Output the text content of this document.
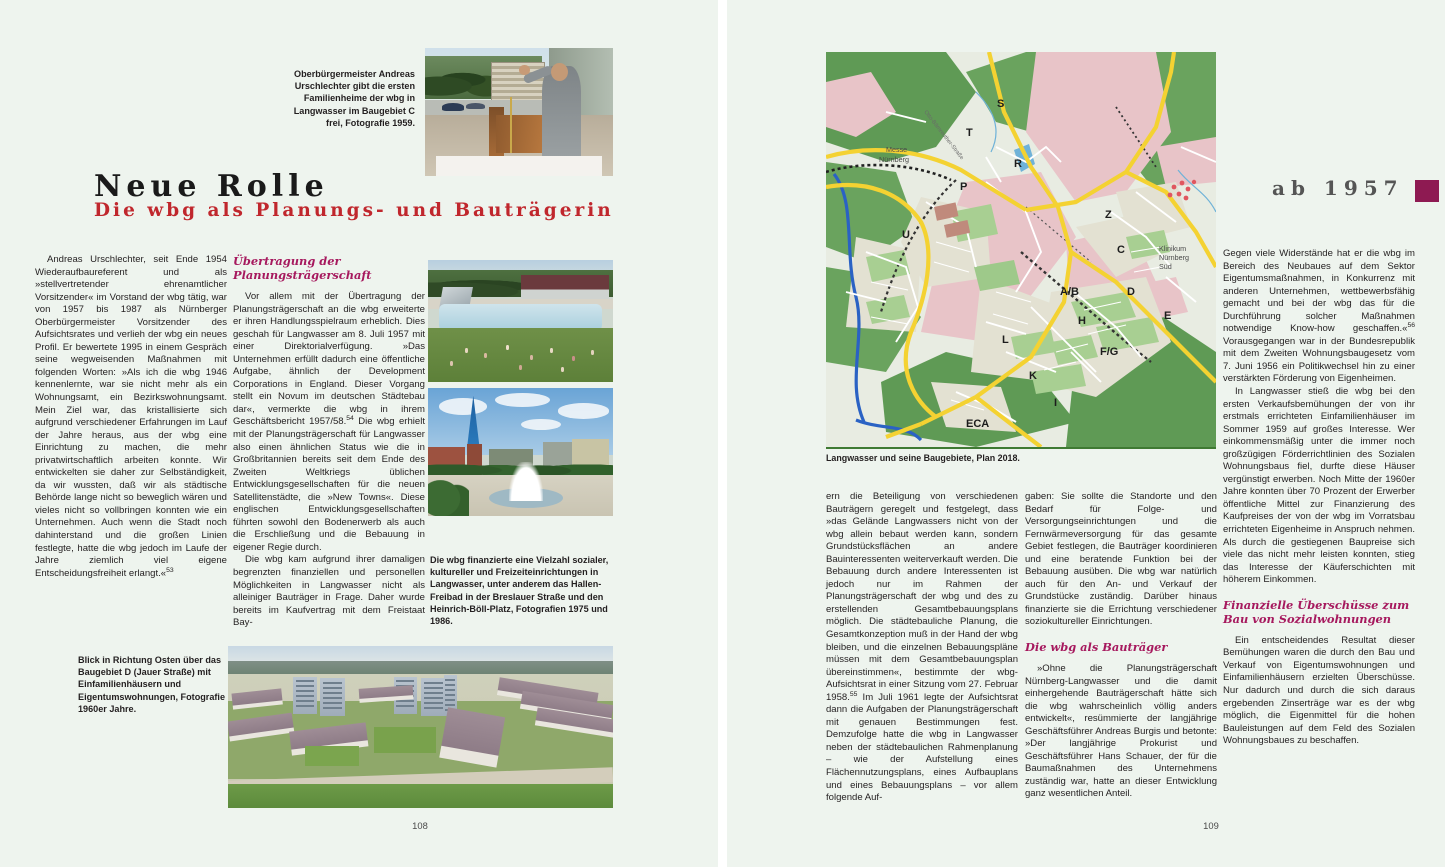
Oberbürgermeister Andreas Urschlechter gibt die ersten Familienheime der wbg in Langwasser im Baugebiet C frei, Fotografie 1959.
Neue Rolle
Die wbg als Planungs- und Bauträgerin

Andreas Urschlechter, seit Ende 1954 Wiederaufbaureferent und als »stellvertretender ehrenamtlicher Vorsitzender« im Vorstand der wbg tätig, war von 1957 bis 1987 als Nürnberger Oberbürgermeister Vorsitzender des Aufsichtsrates und verlieh der wbg ein neues Profil. Er bewertete 1995 in einem Gespräch seine wegweisenden Maßnahmen mit folgenden Worten: »Als ich die wbg 1946 kennenlernte, war sie nicht mehr als ein Wohnungsamt, ein Bezirkswohnungsamt. Mein Ziel war, das kristallisierte sich aufgrund verschiedener Erfahrungen im Lauf der Jahre heraus, aus der wbg eine Einrichtung zu machen, die mehr privatwirtschaftlich arbeiten konnte. Wir entwickelten sie daher zur Selbständigkeit, da wir wussten, daß wir als städtische Behörde lange nicht so beweglich wären und vieles nicht so vollbringen konnten wie ein Unternehmen. Auch wenn die Stadt noch dahinterstand und die großen Linien festlegte, hatte die wbg jedoch im Laufe der Jahre ziemlich viel eigene Entscheidungsfreiheit erlangt.«$^{53}$

Übertragung der Planungsträgerschaft

Vor allem mit der Übertragung der Planungsträgerschaft an die wbg erweiterte er ihren Handlungsspielraum erheblich. Dies geschah für Langwasser am 8. Juli 1957 mit einer Direktorialverfügung. »Das Unternehmen erfüllt dadurch eine öffentliche Aufgabe, ähnlich der Development Corporations in England. Dieser Vorgang stellt ein Novum im deutschen Städtebau dar«, vermerkte die wbg in ihrem Geschäftsbericht 1957/58.54 Die wbg erhielt mit der Planungsträgerschaft für Langwasser also einen ähnlichen Status wie die in Großbritannien bereits seit dem Ende des Zweiten Weltkriegs üblichen Entwicklungsgesellschaften für die neuen Satellitenstädte, die »New Towns«. Diese englischen Entwicklungsgesellschaften führten sowohl den Bodenerwerb als auch die Erschließung und die Bebauung in eigener Regie durch.

Die wbg kam aufgrund ihrer damaligen begrenzten finanziellen und personellen Möglichkeiten in Langwasser nicht als alleiniger Bauträger in Frage. Daher wurde bereits im Kaufvertrag mit dem Freistaat Bay-

Die wbg finanzierte eine Vielzahl sozialer, kultureller und Freizeiteinrichtungen in Langwasser, unter anderem das Hallen-Freibad in der Breslauer Straße und den Heinrich-Böll-Platz, Fotografien 1975 und 1986.
Blick in Richtung Osten über das Baugebiet D (Jauer Straße) mit Einfamilienhäusern und Eigentumswohnungen, Fotografie 1960er Jahre.
108
Messe
Nürnberg
Klinikum
Nürnberg
Süd
Otto-Bärnreuther-Straße
S
T
R
P
U
Z
C
A/B	D
E
H
F/G
L
K
I
ECA
Langwasser und seine Baugebiete, Plan 2018.
ab 1957

ern die Beteiligung von verschiedenen Bauträgern geregelt und festgelegt, dass »das Gelände Langwassers nicht von der wbg allein bebaut werden kann, sondern Grundstücksflächen an andere Bauinteressenten weiterverkauft werden. Die Bebauung durch andere Interessenten ist jedoch nur im Rahmen der Planungsträgerschaft der wbg und des zu erstellenden Gesamtbebauungsplans möglich. Die städtebauliche Planung, die Gesamtkonzeption muß in der Hand der wbg bleiben, und die einzelnen Bebauungspläne müssen mit dem Gesamtbebauungsplan übereinstimmen«, bestimmte der wbg-Aufsichtsrat in einer Sitzung vom 27. Februar 1958.55 Im Juli 1961 legte der Aufsichtsrat dann die Aufgaben der Planungsträgerschaft mit genauen Bestimmungen fest. Demzufolge hatte die wbg in Langwasser neben der städtebaulichen Rahmenplanung – wie der Aufstellung eines Flächennutzungsplans, eines Aufbauplans und eines Bebauungsplans – vor allem folgende Auf-

gaben: Sie sollte die Standorte und den Bedarf für Folge- und Versorgungseinrichtungen und die Fernwärmeversorgung für das gesamte Gebiet festlegen, die Bauträger koordinieren und eine beratende Funktion bei der Bebauung ausüben. Die wbg war natürlich auch für den An- und Verkauf der Grundstücke zuständig. Darüber hinaus finanzierte sie die Errichtung verschiedener soziokultureller Einrichtungen.

Die wbg als Bauträger

»Ohne die Planungsträgerschaft Nürnberg-Langwasser und die damit einhergehende Bauträgerschaft hätte sich die wbg wahrscheinlich völlig anders entwickelt«, resümmierte der langjährige Geschäftsführer Andreas Burgis und betonte: »Der langjährige Prokurist und Geschäftsführer Hans Schauer, der für die Baumaßnahmen des Unternehmens zuständig war, hatte an dieser Entwicklung ganz wesentlichen Anteil.

Gegen viele Widerstände hat er die wbg im Bereich des Neubaues auf dem Sektor Eigentumsmaßnahmen, in Konkurrenz mit anderen Unternehmen, wettbewerbsfähig gemacht und bei der wbg das für die Durchführung solcher Maßnahmen notwendige Know-how geschaffen.«$^{56}$ Vorausgegangen war in der Bundesrepublik mit dem Zweiten Wohnungsbaugesetz vom 7. Juni 1956 ein Politikwechsel hin zu einer verstärkten Förderung von Eigenheimen.

In Langwasser stieß die wbg bei den ersten Verkaufsbemühungen der von ihr erstmals errichteten Einfamilienhäuser im Sommer 1959 auf großes Interesse. Wer einkommensmäßig unter die immer noch großzügigen Förderrichtlinien des Sozialen Wohnungsbaus fiel, durfte diese Häuser vergünstigt erwerben. Noch Mitte der 1960er Jahre konnten über 70 Prozent der Erwerber öffentliche Mittel zur Finanzierung des Kaufpreises der von der wbg im Vorratsbau errichteten Eigenheime in Anspruch nehmen. Als durch die gestiegenen Baupreise sich viele das nicht mehr leisten konnten, stieg das Interesse der Käuferschichten mit höherem Einkommen.

Finanzielle Überschüsse zum Bau von Sozialwohnungen

Ein entscheidendes Resultat dieser Bemühungen waren die durch den Bau und Verkauf von Eigentumswohnungen und Einfamilienhäusern erzielten Überschüsse. Nur dadurch und durch die sich daraus ergebenden Zinserträge war es der wbg möglich, die Eigenmittel für die hohen Bauleistungen auf dem Feld des Sozialen Wohnungsbaues zu beschaffen.

109
